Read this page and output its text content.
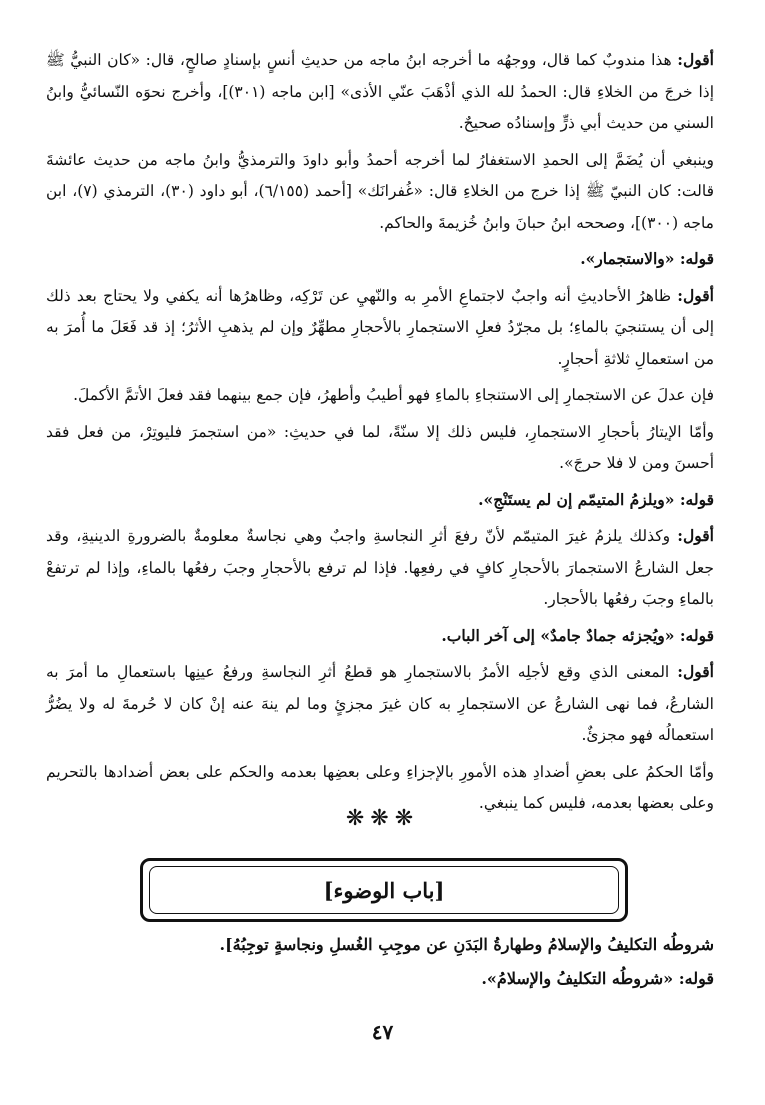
أقول: هذا مندوبٌ كما قال، ووجهُه ما أخرجه ابنُ ماجه من حديثِ أنسٍ بإسنادٍ صالحٍ، قال: «كان النبيُّ ﷺ إذا خرجَ من الخلاءِ قال: الحمدُ لله الذي أذْهَبَ عنّي الأذى» [ابن ماجه (٣٠١)]، وأخرج نحوَه النّسائيُّ وابنُ السني من حديث أبي ذرٍّ وإسنادُه صحيحٌ.

وينبغي أن يُضَمَّ إلى الحمدِ الاستغفارُ لما أخرجه أحمدُ وأبو داودَ والترمذيُّ وابنُ ماجه من حديث عائشةَ قالت: كان النبيّ ﷺ إذا خرج من الخلاءِ قال: «غُفرانَك» [أحمد (٦/١٥٥)، أبو داود (٣٠)، الترمذي (٧)، ابن ماجه (٣٠٠)]، وصححه ابنُ حبانَ وابنُ خُزيمةَ والحاكم.

قوله: «والاستجمار».

أقول: ظاهرُ الأحاديثِ أنه واجبٌ لاجتماعِ الأمرِ به والنّهيِ عن تَرْكِه، وظاهرُها أنه يكفي ولا يحتاج بعد ذلك إلى أن يستنجيَ بالماءِ؛ بل مجرّدُ فعلِ الاستجمارِ بالأحجارِ مطهِّرٌ وإن لم يذهبِ الأثرُ؛ إذ قد فَعَلَ ما أُمرَ به من استعمالِ ثلاثةِ أحجارٍ.

فإن عدلَ عن الاستجمارِ إلى الاستنجاءِ بالماءِ فهو أطيبُ وأطهرُ، فإن جمع بينهما فقد فعلَ الأتمَّ الأكملَ.

وأمّا الإيتارُ بأحجارِ الاستجمارِ، فليس ذلك إلا سنّةً، لما في حديثِ: «من استجمرَ فليوتِرْ، من فعل فقد أحسنَ ومن لا فلا حرجَ».

قوله: «ويلزمُ المتيمّم إن لم يستَنْجِ».

أقول: وكذلك يلزمُ غيرَ المتيمّم لأنّ رفعَ أثرِ النجاسةِ واجبٌ وهي نجاسةٌ معلومةٌ بالضرورةِ الدينيةِ، وقد جعل الشارعُ الاستجمارَ بالأحجارِ كافٍ في رفعِها. فإذا لم ترفع بالأحجارِ وجبَ رفعُها بالماءِ، وإذا لم ترتفعْ بالماءِ وجبَ رفعُها بالأحجار.

قوله: «ويُجزئه جمادٌ جامدٌ» إلى آخر الباب.

أقول: المعنى الذي وقع لأجلِه الأمرُ بالاستجمارِ هو قطعُ أثرِ النجاسةِ ورفعُ عينِها باستعمالِ ما أمرَ به الشارعُ، فما نهى الشارعُ عن الاستجمارِ به كان غيرَ مجزئٍ وما لم ينهَ عنه إنْ كان لا حُرمةَ له ولا يضُرُّ استعمالُه فهو مجزئٌ.

وأمّا الحكمُ على بعضِ أضدادِ هذه الأمورِ بالإجزاءِ وعلى بعضِها بعدمه والحكم على بعض أضدادها بالتحريم وعلى بعضها بعدمه، فليس كما ينبغي.

❋❋❋
[باب الوضوء]
شروطُه التكليفُ والإسلامُ وطهارةُ البَدَنِ عن موجِبِ الغُسلِ ونجاسةٍ توجِبُهُ].
قوله: «شروطُه التكليفُ والإسلامُ».
٤٧
